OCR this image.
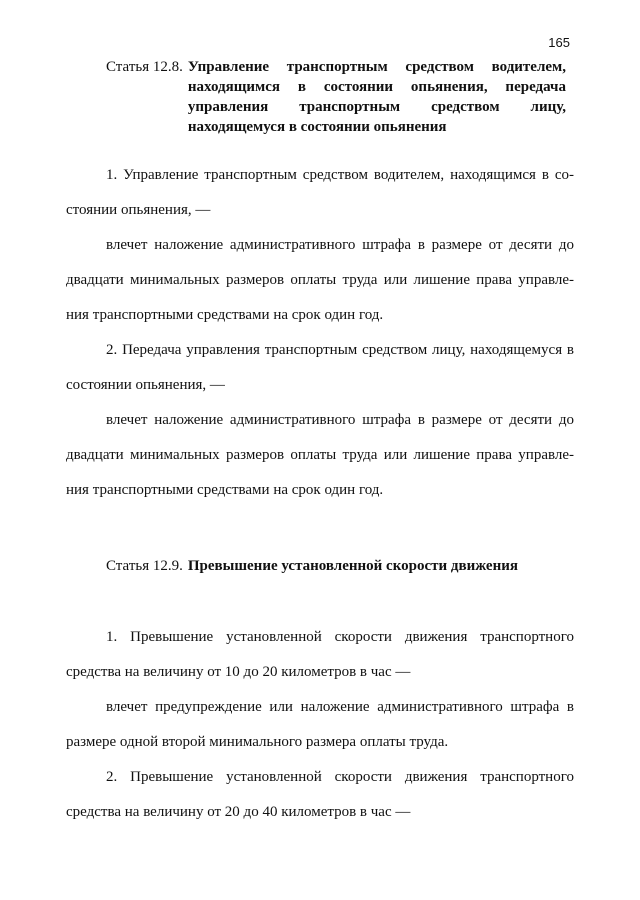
165
Статья 12.8. Управление транспортным средством водителем, находящимся в состоянии опьянения, передача управления транспортным средством лицу, находящемуся в состоянии опьянения

1. Управление транспортным средством водителем, находящимся в со-стоянии опьянения, —

влечет наложение административного штрафа в размере от десяти до двадцати минимальных размеров оплаты труда или лишение права управле-ния транспортными средствами на срок один год.

2. Передача управления транспортным средством лицу, находящемуся в состоянии опьянения, —

влечет наложение административного штрафа в размере от десяти до двадцати минимальных размеров оплаты труда или лишение права управле-ния транспортными средствами на срок один год.

Статья 12.9. Превышение установленной скорости движения

1. Превышение установленной скорости движения транспортного средства на величину от 10 до 20 километров в час —

влечет предупреждение или наложение административного штрафа в размере одной второй минимального размера оплаты труда.

2. Превышение установленной скорости движения транспортного средства на величину от 20 до 40 километров в час —
